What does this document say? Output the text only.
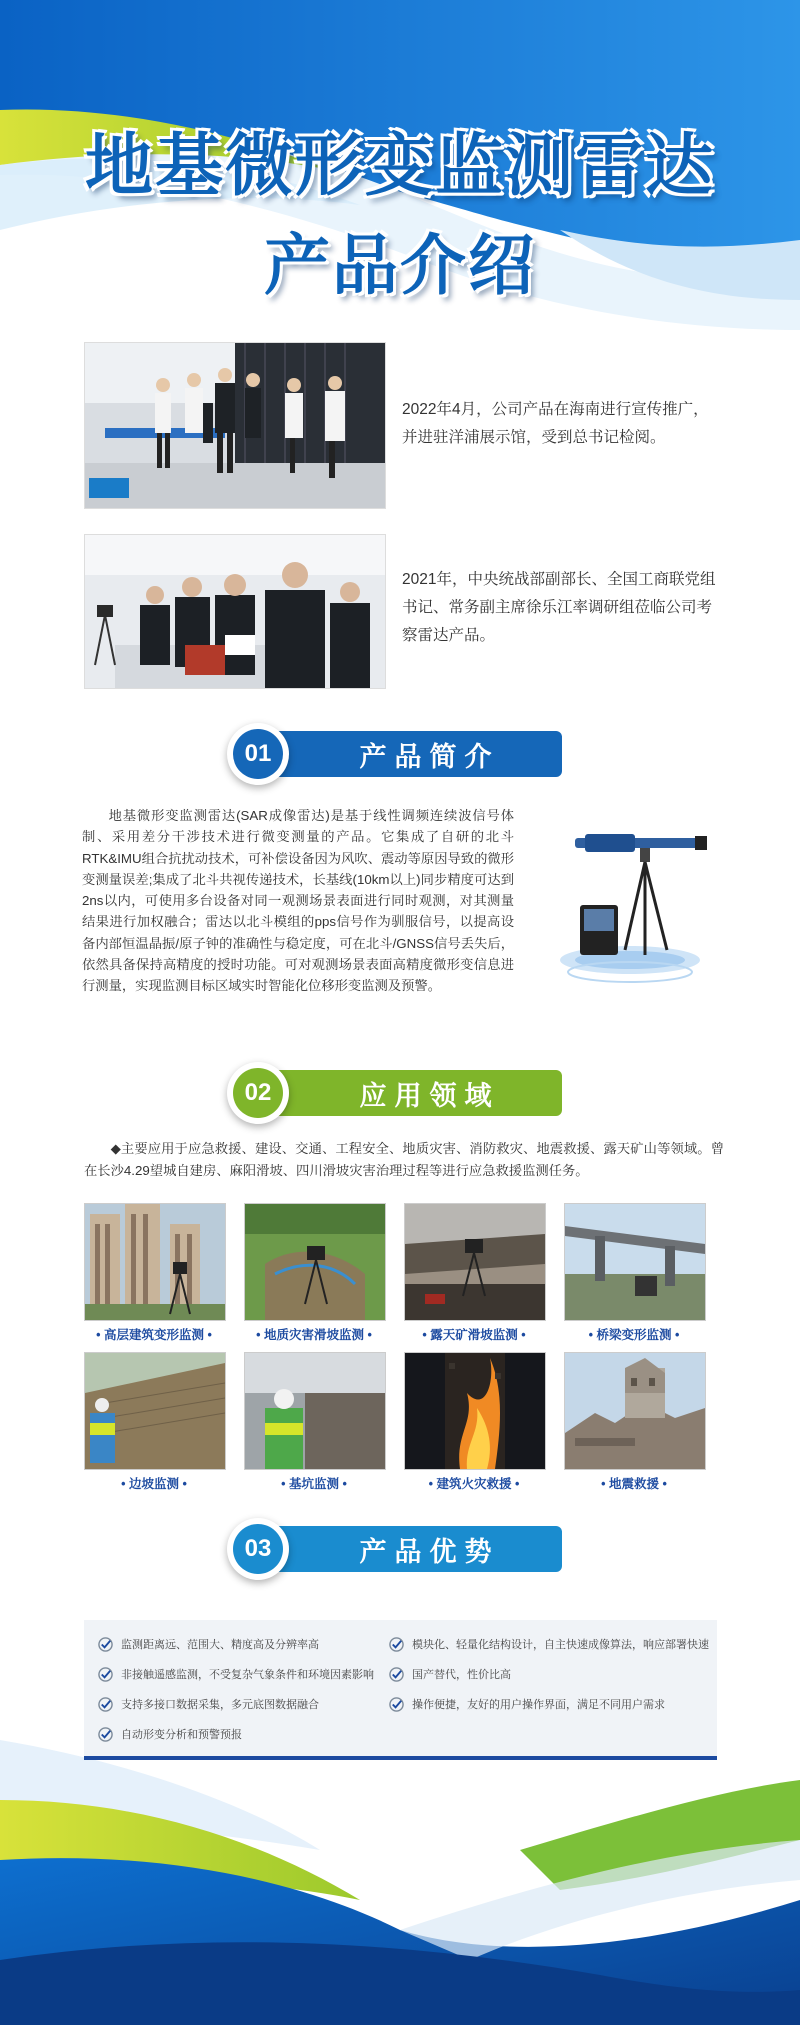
地基微形变监测雷达
产品介绍
2022年4月，公司产品在海南进行宣传推广，并进驻洋浦展示馆，受到总书记检阅。
2021年，中央统战部副部长、全国工商联党组书记、常务副主席徐乐江率调研组莅临公司考察雷达产品。
产品简介
01
地基微形变监测雷达(SAR成像雷达)是基于线性调频连续波信号体制、采用差分干涉技术进行微变测量的产品。它集成了自研的北斗RTK&IMU组合抗扰动技术，可补偿设备因为风吹、震动等原因导致的微形变测量误差;集成了北斗共视传递技术，长基线(10km以上)同步精度可达到2ns以内，可使用多台设备对同一观测场景表面进行同时观测，对其测量结果进行加权融合；雷达以北斗模组的pps信号作为驯服信号，以提高设备内部恒温晶振/原子钟的准确性与稳定度，可在北斗/GNSS信号丢失后，依然具备保持高精度的授时功能。可对观测场景表面高精度微形变信息进行测量，实现监测目标区域实时智能化位移形变监测及预警。
应用领域
02
◆主要应用于应急救援、建设、交通、工程安全、地质灾害、消防救灾、地震救援、露天矿山等领域。曾在长沙4.29望城自建房、麻阳滑坡、四川滑坡灾害治理过程等进行应急救援监测任务。
• 高层建筑变形监测 •	• 地质灾害滑坡监测 •	• 露天矿滑坡监测 •	• 桥梁变形监测 •
• 边坡监测 •	• 基坑监测 •	• 建筑火灾救援 •	• 地震救援 •
产品优势
03
监测距离远、范围大、精度高及分辨率高	模块化、轻量化结构设计，自主快速成像算法，响应部署快速
非接触遥感监测，不受复杂气象条件和环境因素影响	国产替代，性价比高
支持多接口数据采集，多元底图数据融合	操作便捷，友好的用户操作界面，满足不同用户需求
自动形变分析和预警预报
